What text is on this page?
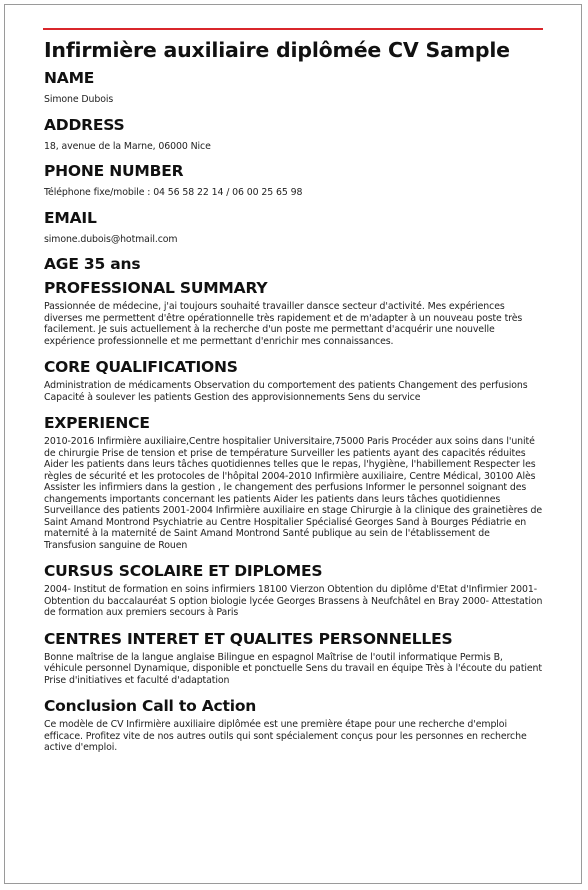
Infirmière auxiliaire diplômée CV Sample
NAME

Simone Dubois

ADDRESS

18, avenue de la Marne, 06000 Nice

PHONE NUMBER

Téléphone fixe/mobile : 04 56 58 22 14 / 06 00 25 65 98

EMAIL

simone.dubois@hotmail.com

AGE 35 ans
PROFESSIONAL SUMMARY

Passionnée de médecine, j'ai toujours souhaité travailler dansce secteur d'activité. Mes expériences diverses me permettent d'être opérationnelle très rapidement et de m'adapter à un nouveau poste très facilement. Je suis actuellement à la recherche d'un poste me permettant d'acquérir une nouvelle expérience professionnelle et me permettant d'enrichir mes connaissances.

CORE QUALIFICATIONS

Administration de médicaments Observation du comportement des patients Changement des perfusions Capacité à soulever les patients Gestion des approvisionnements Sens du service

EXPERIENCE

2010-2016 Infirmière auxiliaire,Centre hospitalier Universitaire,75000 Paris Procéder aux soins dans l'unité de chirurgie Prise de tension et prise de température Surveiller les patients ayant des capacités réduites Aider les patients dans leurs tâches quotidiennes telles que le repas, l'hygiène, l'habillement Respecter les règles de sécurité et les protocoles de l'hôpital 2004-2010 Infirmière auxiliaire, Centre Médical, 30100 Alès Assister les infirmiers dans la gestion , le changement des perfusions Informer le personnel soignant des changements importants concernant les patients Aider les patients dans leurs tâches quotidiennes Surveillance des patients 2001-2004 Infirmière auxiliaire en stage Chirurgie à la clinique des grainetières de Saint Amand Montrond Psychiatrie au Centre Hospitalier Spécialisé Georges Sand à Bourges Pédiatrie en maternité à la maternité de Saint Amand Montrond Santé publique au sein de l'établissement de Transfusion sanguine de Rouen

CURSUS SCOLAIRE ET DIPLOMES

2004- Institut de formation en soins infirmiers 18100 Vierzon Obtention du diplôme d'Etat d'Infirmier 2001- Obtention du baccalauréat S option biologie lycée Georges Brassens à Neufchâtel en Bray 2000- Attestation de formation aux premiers secours à Paris

CENTRES INTERET ET QUALITES PERSONNELLES

Bonne maîtrise de la langue anglaise Bilingue en espagnol Maîtrise de l'outil informatique Permis B, véhicule personnel Dynamique, disponible et ponctuelle Sens du travail en équipe Très à l'écoute du patient Prise d'initiatives et faculté d'adaptation

Conclusion Call to Action

Ce modèle de CV Infirmière auxiliaire diplômée est une première étape pour une recherche d'emploi efficace. Profitez vite de nos autres outils qui sont spécialement conçus pour les personnes en recherche active d'emploi.
